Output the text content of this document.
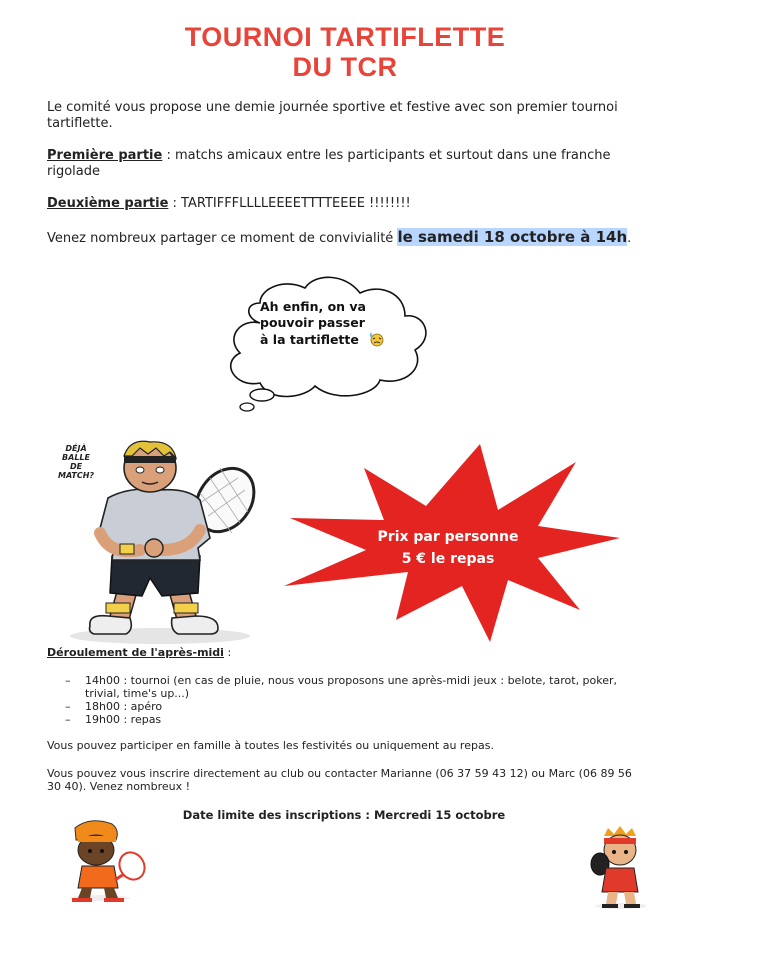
TOURNOI TARTIFLETTE
DU TCR
Le comité vous propose une demie journée sportive et festive avec son premier tournoi tartiflette.
Première partie : matchs amicaux entre les participants et surtout dans une franche rigolade
Deuxième partie : TARTIFFFLLLLEEEETTTTEEEE !!!!!!!!
Venez nombreux partager ce moment de convivialité le samedi 18 octobre à 14h.
Ah enfin, on va
pouvoir passer
à la tartiflette
DÉJÀ
BALLE
DE
MATCH?
Prix par personne
5 € le repas
Déroulement de l'après-midi :
– 14h00 : tournoi (en cas de pluie, nous vous proposons une après-midi jeux : belote, tarot, poker, trivial, time's up...)
– 18h00 : apéro
– 19h00 : repas
Vous pouvez participer en famille à toutes les festivités ou uniquement au repas.
Vous pouvez vous inscrire directement au club ou contacter Marianne (06 37 59 43 12) ou Marc (06 89 56 30 40). Venez nombreux !
Date limite des inscriptions : Mercredi 15 octobre
